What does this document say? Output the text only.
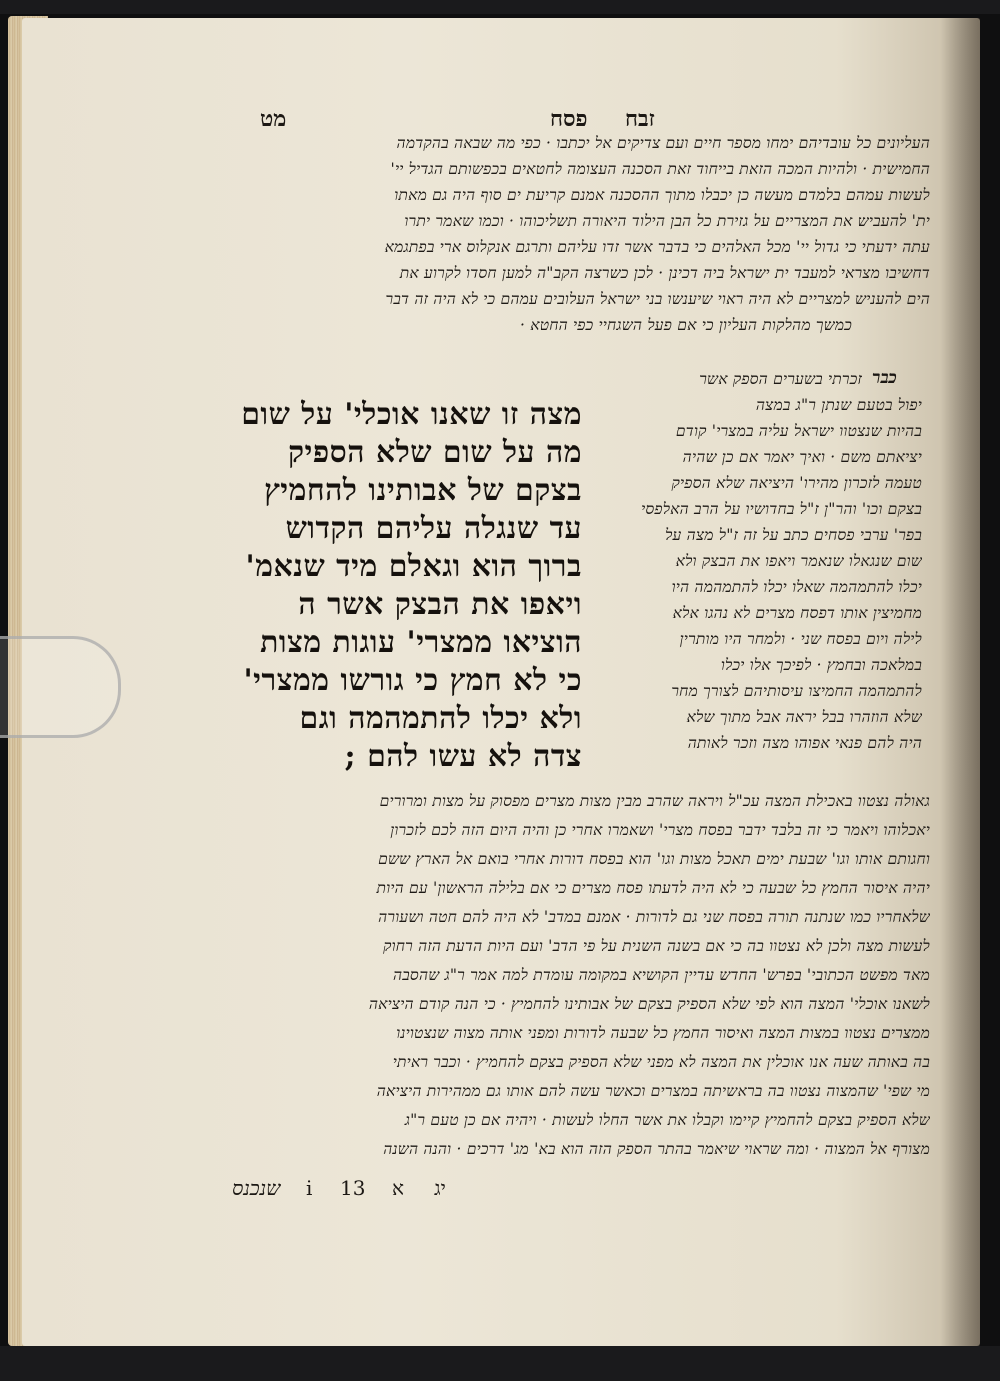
מט	פסח זבח
העליונים כל עובדיהם ימחו מספר חיים ועם צדיקים אל יכתבו · כפי מה שבאה בהקדמה
החמישית · ולהיות המכה הזאת בייחוד זאת הסכנה העצומה לחטאים בכפשותם הגדיל יי'
לעשות עמהם בלמדם מעשה כן יכבלו מתוך ההסכנה אמנם קריעת ים סוף היה גם מאתו
ית' להעביש את המצריים על גזירת כל הבן הילוד היאורה תשליכוהו · וכמו שאמר יתרו
עתה ידעתי כי גדול יי' מכל האלהים כי בדבר אשר זדו עליהם ותרגם אנקלוס ארי בפתגמא
דחשיבו מצראי למעבד ית ישראל ביה דכינן · לכן כשרצה הקב"ה למען חסדו לקרוע את
הים להעניש למצריים לא היה ראוי שיענשו בני ישראל העלובים עמהם כי לא היה זה דבר
כמשך מהלקות העליון כי אם פעל השגחיי כפי החטא ·
מצה זו שאנו אוכלי' על שום
מה על שום שלא הספיק
בצקם של אבותינו להחמיץ
עד שנגלה עליהם הקדוש
ברוך הוא וגאלם מיד שנאמ'
ויאפו את הבצק אשר ה
הוציאו ממצרי' עוגות מצות
כי לא חמץ כי גורשו ממצרי'
ולא יכלו להתמהמה וגם
צדה לא עשו להם ;
כבר
זכרתי בשערים הספק אשר
יפול בטעם שנתן ר"ג במצה
בהיות שנצטוו ישראל עליה במצרי' קודם
יציאתם משם · ואיך יאמר אם כן שהיה
טעמה לזכרון מהירו' היציאה שלא הספיק
בצקם וכו' והר"ן ז"ל בחדושיו על הרב האלפסי
בפר' ערבי פסחים כתב על זה ז"ל מצה על
שום שנגאלו שנאמר ויאפו את הבצק ולא
יכלו להתמהמה שאלו יכלו להתמהמה היו
מחמיצין אותו דפסח מצרים לא נהגו אלא
לילה ויום בפסח שני · ולמחר היו מותרין
במלאכה ובחמץ · לפיכך אלו יכלו
להתמהמה החמיצו עיסותיהם לצורך מחר
שלא הוזהרו בבל יראה אבל מתוך שלא
היה להם פנאי אפוהו מצה וזכר לאותה
גאולה נצטוו באכילת המצה עכ"ל ויראה שהרב מבין מצות מצרים מפסוק על מצות ומרורים
יאכלוהו ויאמר כי זה בלבד ידבר בפסח מצרי' ושאמרו אחרי כן והיה היום הזה לכם לזכרון
וחגותם אותו וגו' שבעת ימים תאכל מצות וגו' הוא בפסח דורות אחרי בואם אל הארץ ששם
יהיה איסור החמץ כל שבעה כי לא היה לדעתו פסח מצרים כי אם בלילה הראשון' עם היות
שלאחריו כמו שנתנה תורה בפסח שני גם לדורות · אמנם במדב' לא היה להם חטה ושעורה
לעשות מצה ולכן לא נצטוו בה כי אם בשנה השנית על פי הדב' ועם היות הדעת הזה רחוק
מאד מפשט הכתובי' בפרש' החדש עדיין הקושיא במקומה עומדת למה אמר ר"ג שהסבה
לשאנו אוכלי' המצה הוא לפי שלא הספיק בצקם של אבותינו להחמיץ · כי הנה קודם היציאה
ממצרים נצטוו במצות המצה ואיסור החמץ כל שבעה לדורות ומפני אותה מצוה שנצטוינו
בה באותה שעה אנו אוכלין את המצה לא מפני שלא הספיק בצקם להחמיץ · וכבר ראיתי
מי שפי' שהמצוה נצטוו בה בראשיתה במצרים וכאשר עשה להם אותו גם ממהירות היציאה
שלא הספיק בצקם להחמיץ קיימו וקבלו את אשר החלו לעשות · ויהיה אם כן טעם ר"ג
מצורף אל המצוה · ומה שראוי שיאמר בהתר הספק הזה הוא בא' מג' דרכים · והנה השנה
שנכנס i 13 א יג
